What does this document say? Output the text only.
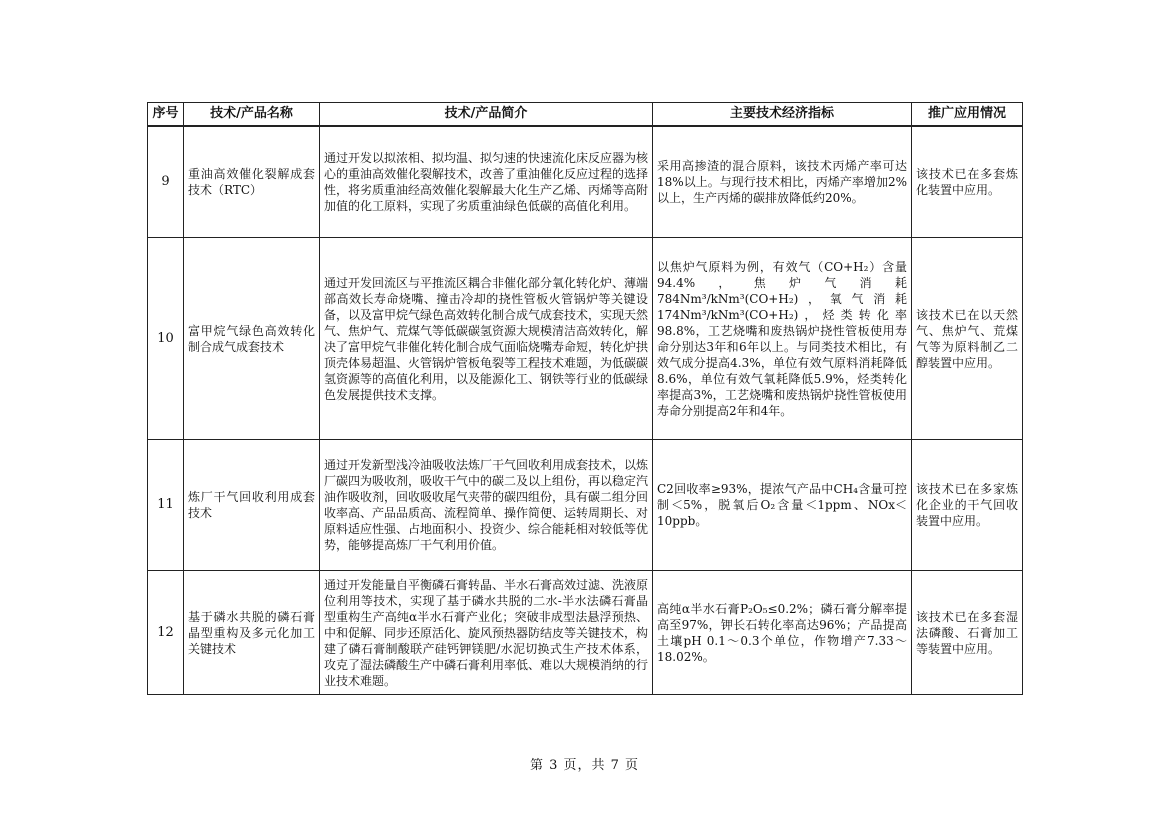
序号	技术/产品名称	技术/产品简介	主要技术经济指标	推广应用情况
9	重油高效催化裂解成套技术（RTC）	通过开发以拟浓相、拟均温、拟匀速的快速流化床反应器为核心的重油高效催化裂解技术，改善了重油催化反应过程的选择性，将劣质重油经高效催化裂解最大化生产乙烯、丙烯等高附加值的化工原料，实现了劣质重油绿色低碳的高值化利用。	采用高掺渣的混合原料，该技术丙烯产率可达18%以上。与现行技术相比，丙烯产率增加2%以上，生产丙烯的碳排放降低约20%。	该技术已在多套炼化装置中应用。
10	富甲烷气绿色高效转化制合成气成套技术	通过开发回流区与平推流区耦合非催化部分氧化转化炉、薄端部高效长寿命烧嘴、撞击冷却的挠性管板火管锅炉等关键设备，以及富甲烷气绿色高效转化制合成气成套技术，实现天然气、焦炉气、荒煤气等低碳碳氢资源大规模清洁高效转化，解决了富甲烷气非催化转化制合成气面临烧嘴寿命短，转化炉拱顶壳体易超温、火管锅炉管板龟裂等工程技术难题，为低碳碳氢资源等的高值化利用，以及能源化工、钢铁等行业的低碳绿色发展提供技术支撑。	以焦炉气原料为例，有效气（CO+H₂）含量 94.4%，焦炉气消耗784Nm³/kNm³(CO+H₂)，氧气消耗174Nm³/kNm³(CO+H₂)，烃类转化率98.8%，工艺烧嘴和废热锅炉挠性管板使用寿命分别达3年和6年以上。与同类技术相比，有效气成分提高4.3%，单位有效气原料消耗降低8.6%，单位有效气氧耗降低5.9%，烃类转化率提高3%，工艺烧嘴和废热锅炉挠性管板使用寿命分别提高2年和4年。	该技术已在以天然气、焦炉气、荒煤气等为原料制乙二醇装置中应用。
11	炼厂干气回收利用成套技术	通过开发新型浅冷油吸收法炼厂干气回收利用成套技术，以炼厂碳四为吸收剂，吸收干气中的碳二及以上组份，再以稳定汽油作吸收剂，回收吸收尾气夹带的碳四组份，具有碳二组分回收率高、产品品质高、流程简单、操作简便、运转周期长、对原料适应性强、占地面积小、投资少、综合能耗相对较低等优势，能够提高炼厂干气利用价值。	C2回收率≥93%，提浓气产品中CH₄含量可控制＜5%，脱氧后O₂含量＜1ppm、NOx＜10ppb。	该技术已在多家炼化企业的干气回收装置中应用。
12	基于磷水共脱的磷石膏晶型重构及多元化加工关键技术	通过开发能量自平衡磷石膏转晶、半水石膏高效过滤、洗液原位利用等技术，实现了基于磷水共脱的二水-半水法磷石膏晶型重构生产高纯α半水石膏产业化；突破非成型法悬浮预热、中和促解、同步还原活化、旋风预热器防结皮等关键技术，构建了磷石膏制酸联产硅钙钾镁肥/水泥切换式生产技术体系，攻克了湿法磷酸生产中磷石膏利用率低、难以大规模消纳的行业技术难题。	高纯α半水石膏P₂O₅≤0.2%；磷石膏分解率提高至97%，钾长石转化率高达96%；产品提高土壤pH 0.1～0.3个单位，作物增产7.33～18.02%。	该技术已在多套湿法磷酸、石膏加工等装置中应用。
第 3 页，共 7 页
